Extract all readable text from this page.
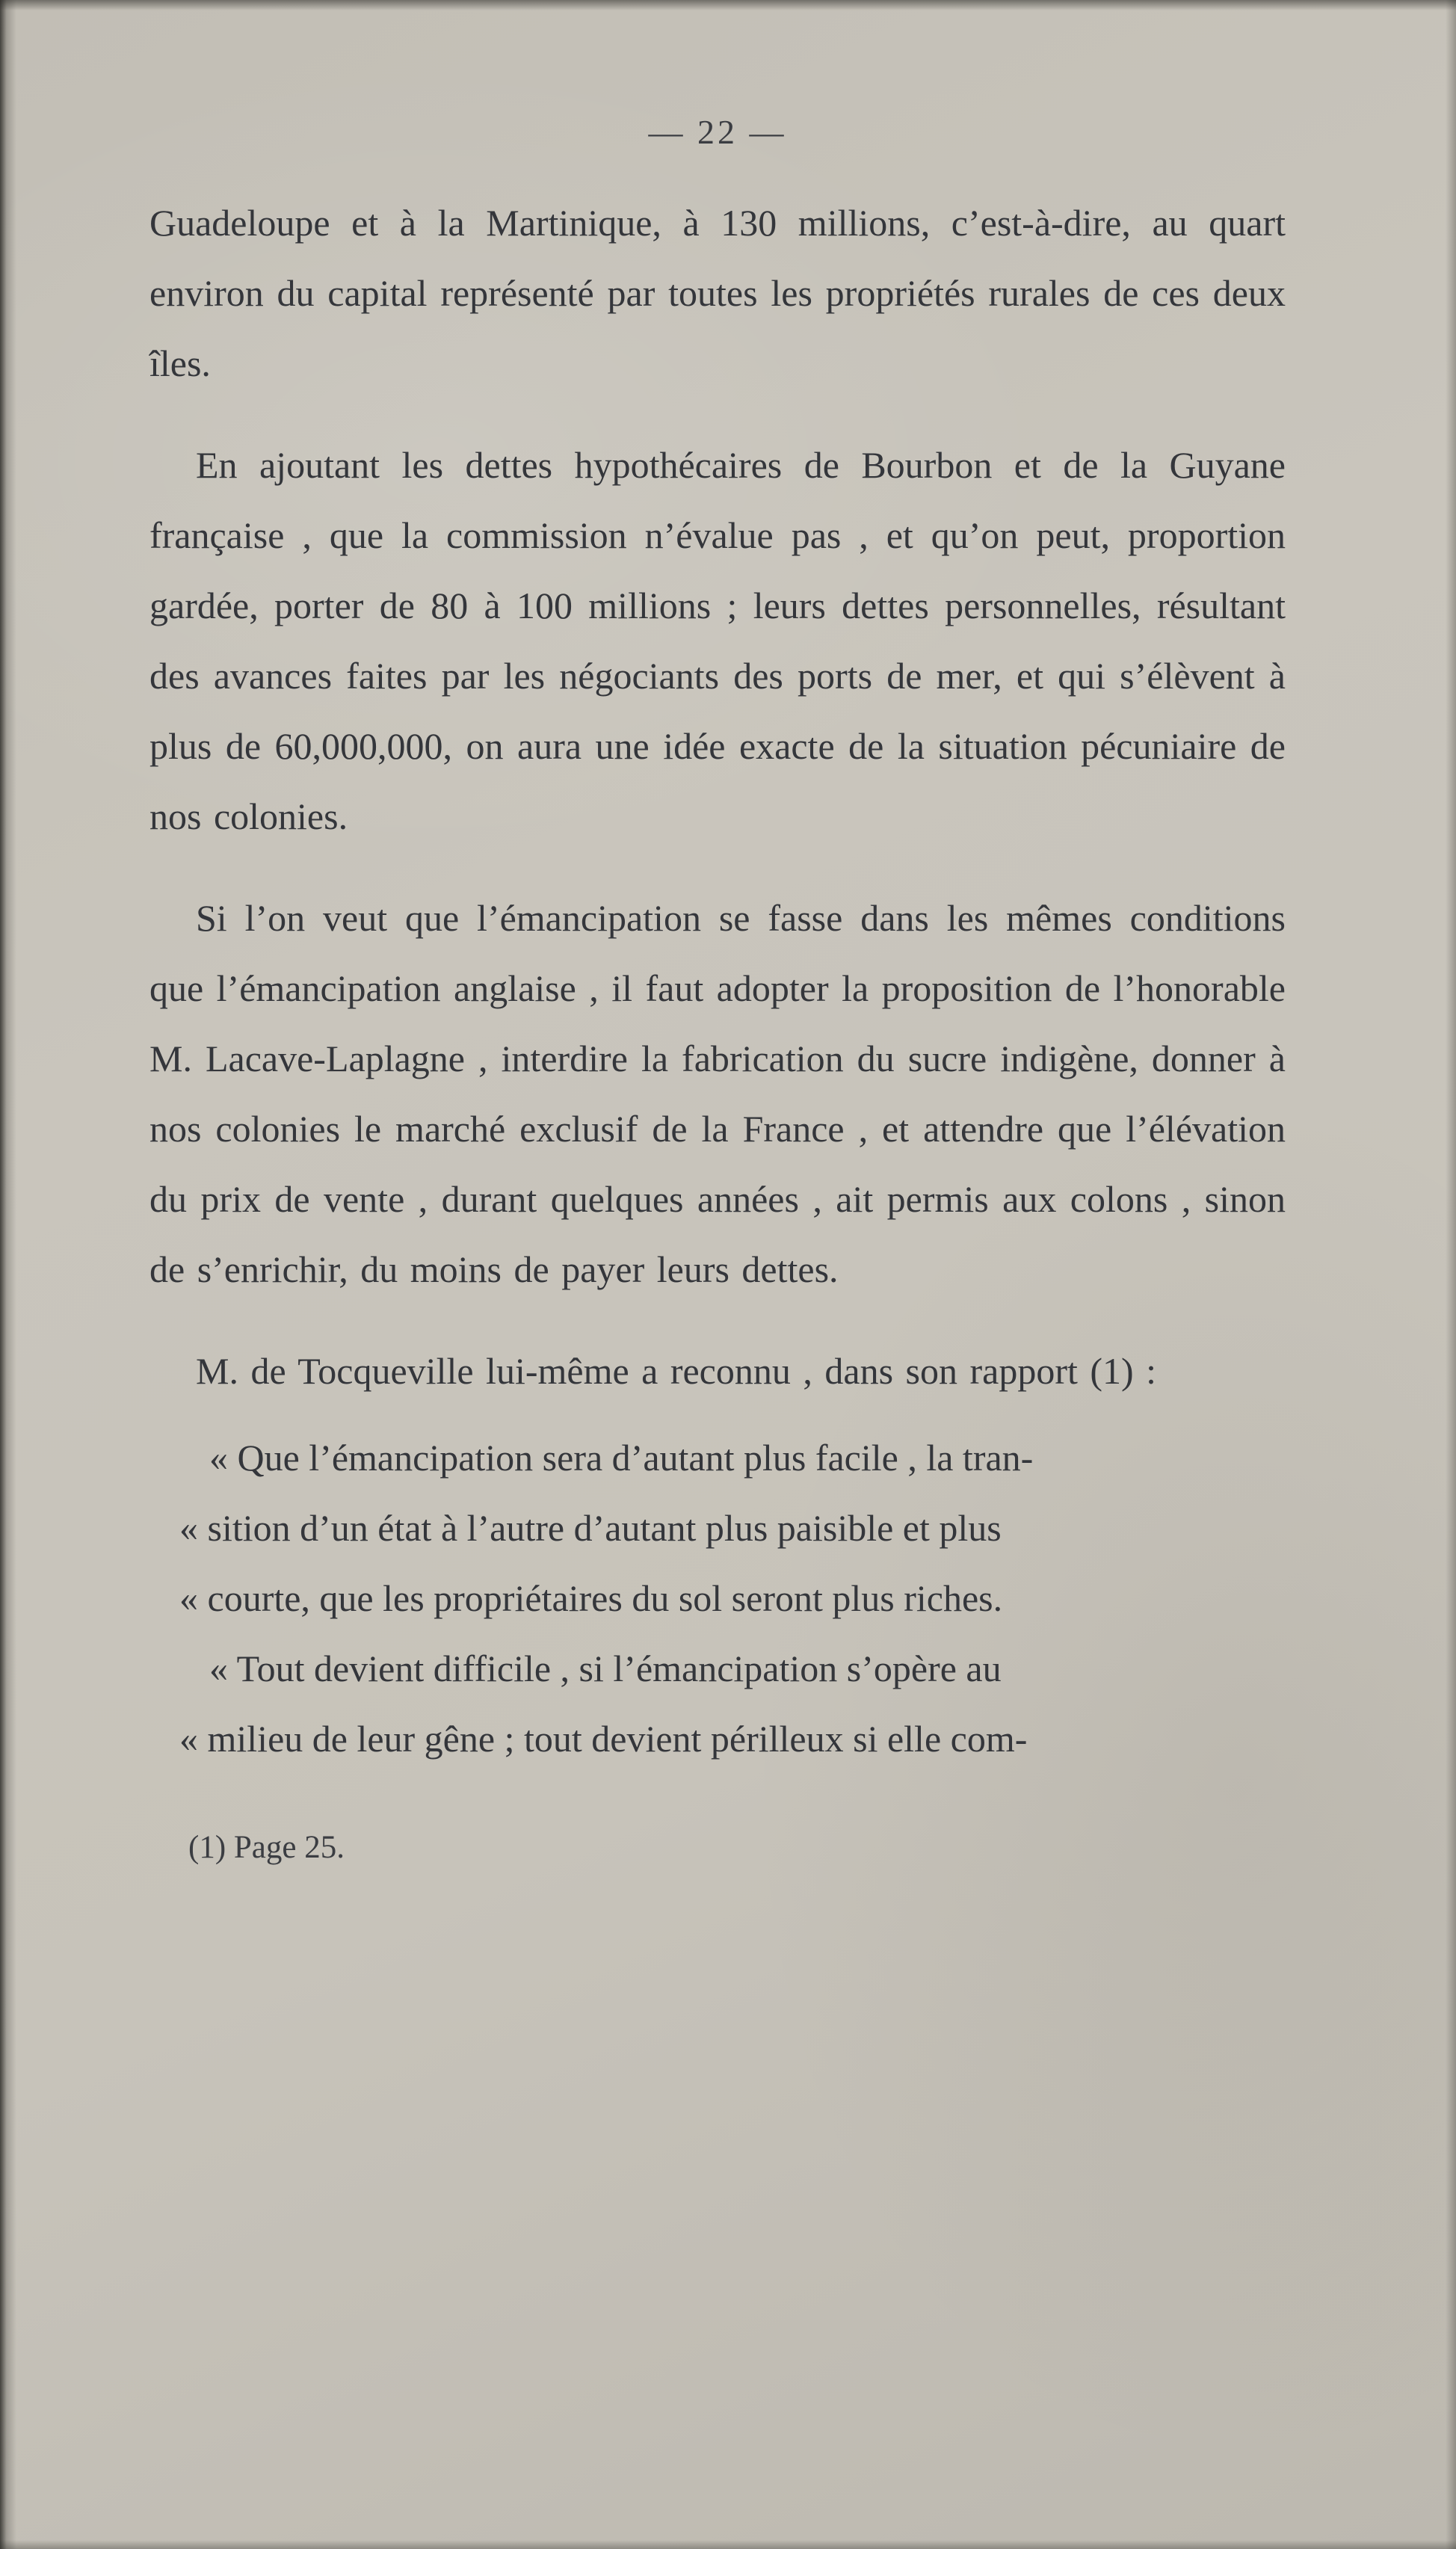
— 22 —

Guadeloupe et à la Martinique, à 130 millions, c’est-à-dire, au quart environ du capital représenté par toutes les propriétés rurales de ces deux îles.

En ajoutant les dettes hypothécaires de Bourbon et de la Guyane française , que la commission n’évalue pas , et qu’on peut, proportion gardée, porter de 80 à 100 millions ; leurs dettes personnelles, résultant des avances faites par les négociants des ports de mer, et qui s’élèvent à plus de 60,000,000, on aura une idée exacte de la situation pécuniaire de nos colonies.

Si l’on veut que l’émancipation se fasse dans les mêmes conditions que l’émancipation anglaise , il faut adopter la proposition de l’honorable M. Lacave-Laplagne , interdire la fabrication du sucre indigène, donner à nos colonies le marché exclusif de la France , et attendre que l’élévation du prix de vente , durant quelques années , ait permis aux colons , sinon de s’enrichir, du moins de payer leurs dettes.

M. de Tocqueville lui-même a reconnu , dans son rapport (1) :

« Que l’émancipation sera d’autant plus facile , la tran-
« sition d’un état à l’autre d’autant plus paisible et plus
« courte, que les propriétaires du sol seront plus riches.
« Tout devient difficile , si l’émancipation s’opère au
« milieu de leur gêne ; tout devient périlleux si elle com-
(1) Page 25.
